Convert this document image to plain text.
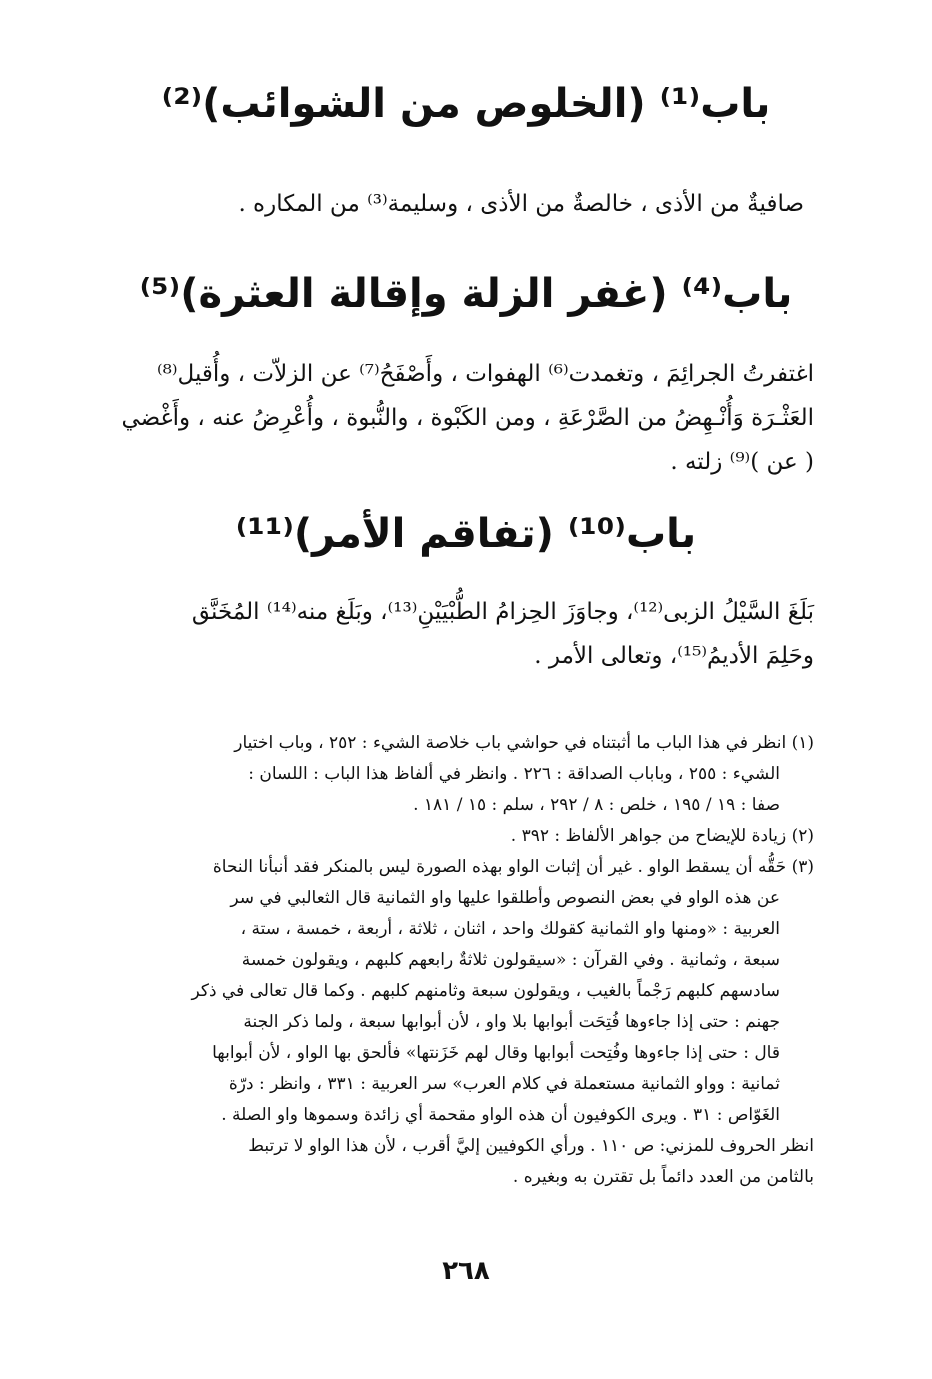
باب⁽¹⁾ (الخلوص من الشوائب)⁽²⁾
صافيةٌ من الأذى ، خالصةٌ من الأذى ، وسليمة⁽³⁾ من المكاره .
باب⁽⁴⁾ (غفر الزلة وإقالة العثرة)⁽⁵⁾
اغتفرتُ الجرائِمَ ، وتغمدت⁽⁶⁾ الهفوات ، وأَصْفَحُ⁽⁷⁾ عن الزلاّت ، وأُقيل⁽⁸⁾
العَثْـرَة وَأُنْـهِضُ من الصَّرْعَةِ ، ومن الكَبْوة ، والنُّبوة ، وأُعْرِضُ عنه ، وأَغْضي
( عن )⁽⁹⁾ زلته .
باب⁽¹⁰⁾ (تفاقم الأمر)⁽¹¹⁾
بَلَغَ السَّيْلُ الزبى⁽¹²⁾، وجاوَزَ الحِزامُ الطُّبْيَيْنِ⁽¹³⁾، وبَلَغ منه⁽¹⁴⁾ المُخَنَّق
وحَلِمَ الأديمُ⁽¹⁵⁾، وتعالى الأمر .
(١) انظر في هذا الباب ما أثبتناه في حواشي باب خلاصة الشيء : ٢٥٢ ، وباب اختيار
الشيء : ٢٥٥ ، وباباب الصداقة : ٢٢٦ . وانظر في ألفاظ هذا الباب : اللسان :
صفا : ١٩ / ١٩٥ ، خلص : ٨ / ٢٩٢ ، سلم : ١٥ / ١٨١ .
(٢) زيادة للإيضاح من جواهر الألفاظ : ٣٩٢ .
(٣) حَقُّه أن يسقط الواو . غير أن إثبات الواو بهذه الصورة ليس بالمنكر فقد أنبأنا النحاة
عن هذه الواو في بعض النصوص وأطلقوا عليها واو الثمانية قال الثعالبي في سر
العربية : «ومنها واو الثمانية كقولك واحد ، اثنان ، ثلاثة ، أربعة ، خمسة ، ستة ،
سبعة ، وثمانية . وفي القرآن : «سيقولون ثلاثةٌ رابعهم كلبهم ، ويقولون خمسة
سادسهم كلبهم رَجْماً بالغيب ، ويقولون سبعة وثامنهم كلبهم . وكما قال تعالى في ذكر
جهنم : حتى إذا جاءوها فُتِحَت أبوابها بلا واو ، لأن أبوابها سبعة ، ولما ذكر الجنة
قال : حتى إذا جاءوها وفُتِحت أبوابها وقال لهم خَزَنتها» فألحق بها الواو ، لأن أبوابها
ثمانية : وواو الثمانية مستعملة في كلام العرب» سر العربية : ٣٣١ ، وانظر : درّة
الغَوّاص : ٣١ . ويرى الكوفيون أن هذه الواو مقحمة أي زائدة وسموها واو الصلة .
انظر الحروف للمزني: ص ١١٠ . ورأي الكوفيين إليَّ أقرب ، لأن هذا الواو لا ترتبط
بالثامن من العدد دائماً بل تقترن به وبغيره .
٢٦٨
